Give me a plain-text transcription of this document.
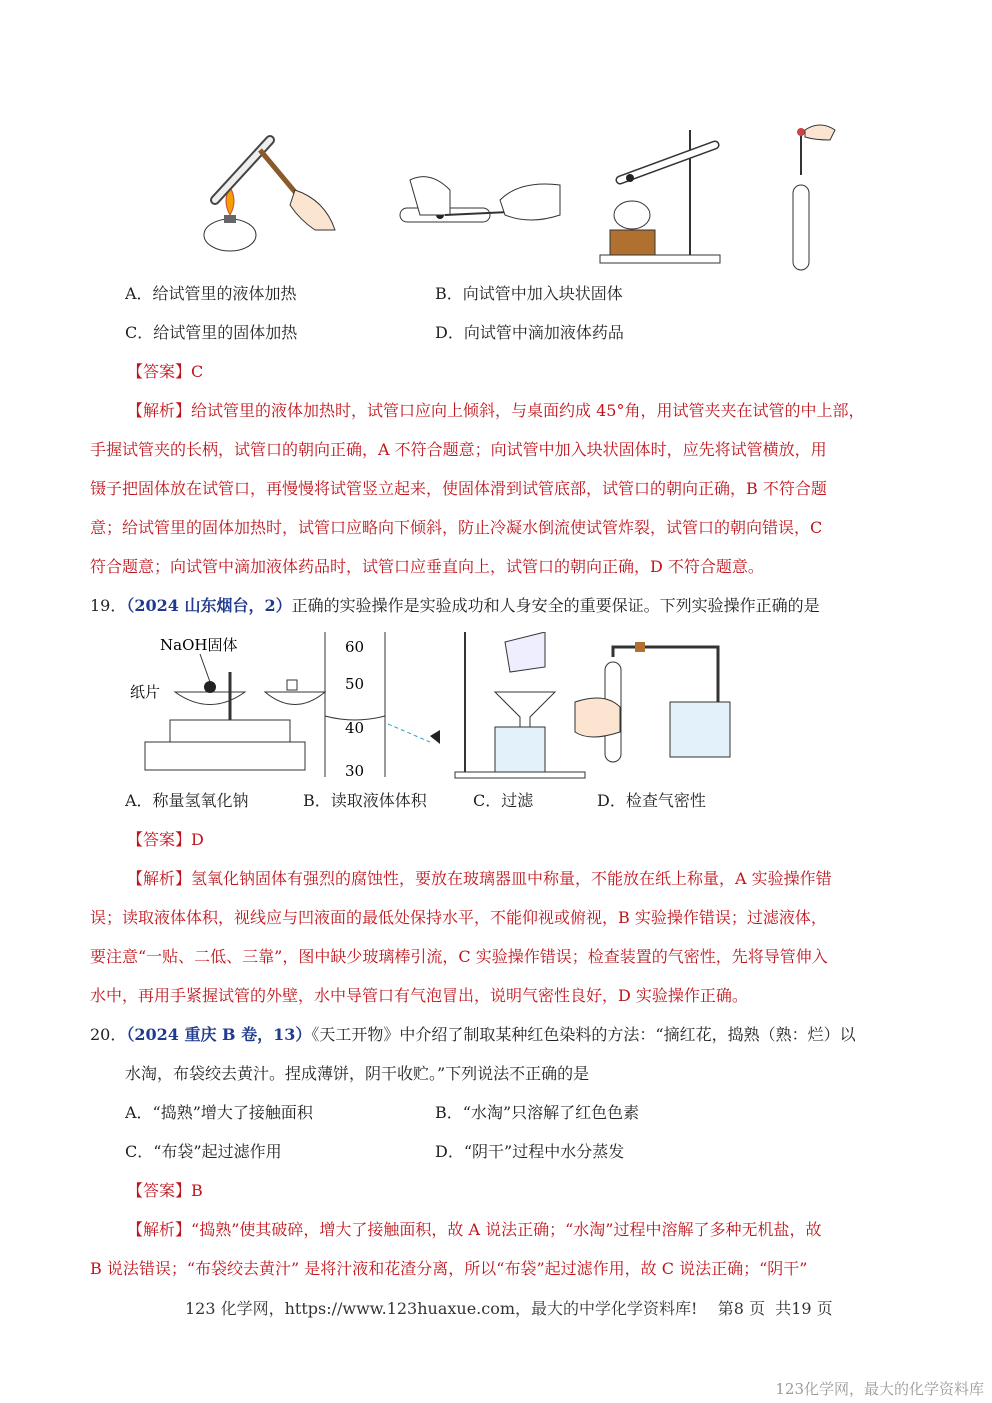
A．给试管里的液体加热	B．向试管中加入块状固体
C．给试管里的固体加热	D．向试管中滴加液体药品
【答案】C
【解析】给试管里的液体加热时，试管口应向上倾斜，与桌面约成 45°角，用试管夹夹在试管的中上部，
手握试管夹的长柄，试管口的朝向正确，A 不符合题意；向试管中加入块状固体时，应先将试管横放，用
镊子把固体放在试管口，再慢慢将试管竖立起来，使固体滑到试管底部，试管口的朝向正确，B 不符合题
意；给试管里的固体加热时，试管口应略向下倾斜，防止冷凝水倒流使试管炸裂，试管口的朝向错误，C
符合题意；向试管中滴加液体药品时，试管口应垂直向上，试管口的朝向正确，D 不符合题意。
19．（2024 山东烟台，2）正确的实验操作是实验成功和人身安全的重要保证。下列实验操作正确的是
NaOH固体
纸片
60
50
40
30
A．称量氢氧化钠	B．读取液体体积	C．过滤	D．检查气密性
【答案】D
【解析】氢氧化钠固体有强烈的腐蚀性，要放在玻璃器皿中称量，不能放在纸上称量，A 实验操作错
误；读取液体体积，视线应与凹液面的最低处保持水平，不能仰视或俯视，B 实验操作错误；过滤液体，
要注意“一贴、二低、三靠”，图中缺少玻璃棒引流，C 实验操作错误；检查装置的气密性，先将导管伸入
水中，再用手紧握试管的外壁，水中导管口有气泡冒出，说明气密性良好，D 实验操作正确。
20．（2024 重庆 B 卷，13）《天工开物》中介绍了制取某种红色染料的方法：“摘红花，捣熟（熟：烂）以
水淘，布袋绞去黄汁。捏成薄饼，阴干收贮。”下列说法不正确的是
A．“捣熟”增大了接触面积	B．“水淘”只溶解了红色色素
C．“布袋”起过滤作用	D．“阴干”过程中水分蒸发
【答案】B
【解析】“捣熟”使其破碎，增大了接触面积，故 A 说法正确；“水淘”过程中溶解了多种无机盐，故
B 说法错误；“布袋绞去黄汁” 是将汁液和花渣分离，所以“布袋”起过滤作用，故 C 说法正确；“阴干”
123 化学网，https://www.123huaxue.com，最大的中学化学资料库!    第8 页  共19 页
123化学网，最大的化学资料库
